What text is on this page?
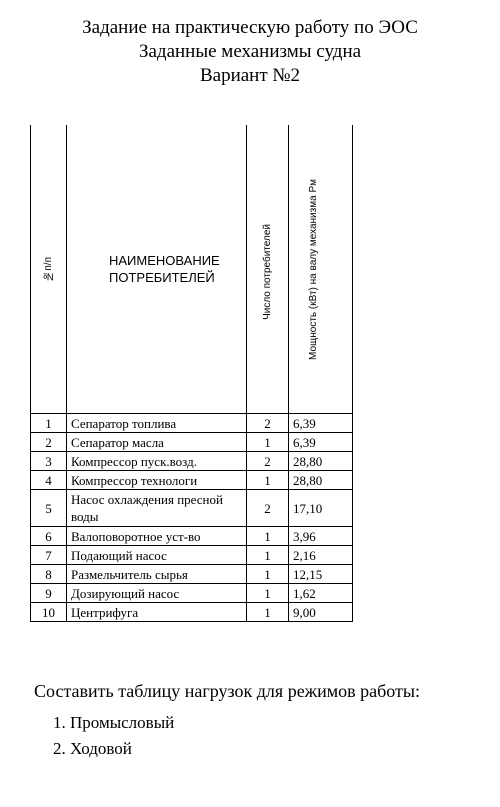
Задание на практическую работу по ЭОС
Заданные механизмы судна
Вариант №2
№п/п	НАИМЕНОВАНИЕ ПОТРЕБИТЕЛЕЙ	Число потребителей	Мощность (кВт) на валу механизма Рм

1	Сепаратор топлива	2	6,39
2	Сепаратор масла	1	6,39
3	Компрессор пуск.возд.	2	28,80
4	Компрессор технологи	1	28,80
5	Насос охлаждения пресной воды	2	17,10
6	Валоповоротное уст-во	1	3,96
7	Подающий насос	1	2,16
8	Размельчитель сырья	1	12,15
9	Дозирующий насос	1	1,62
10	Центрифуга	1	9,00

Составить таблицу нагрузок для режимов работы:

1. Промысловый
2. Ходовой
